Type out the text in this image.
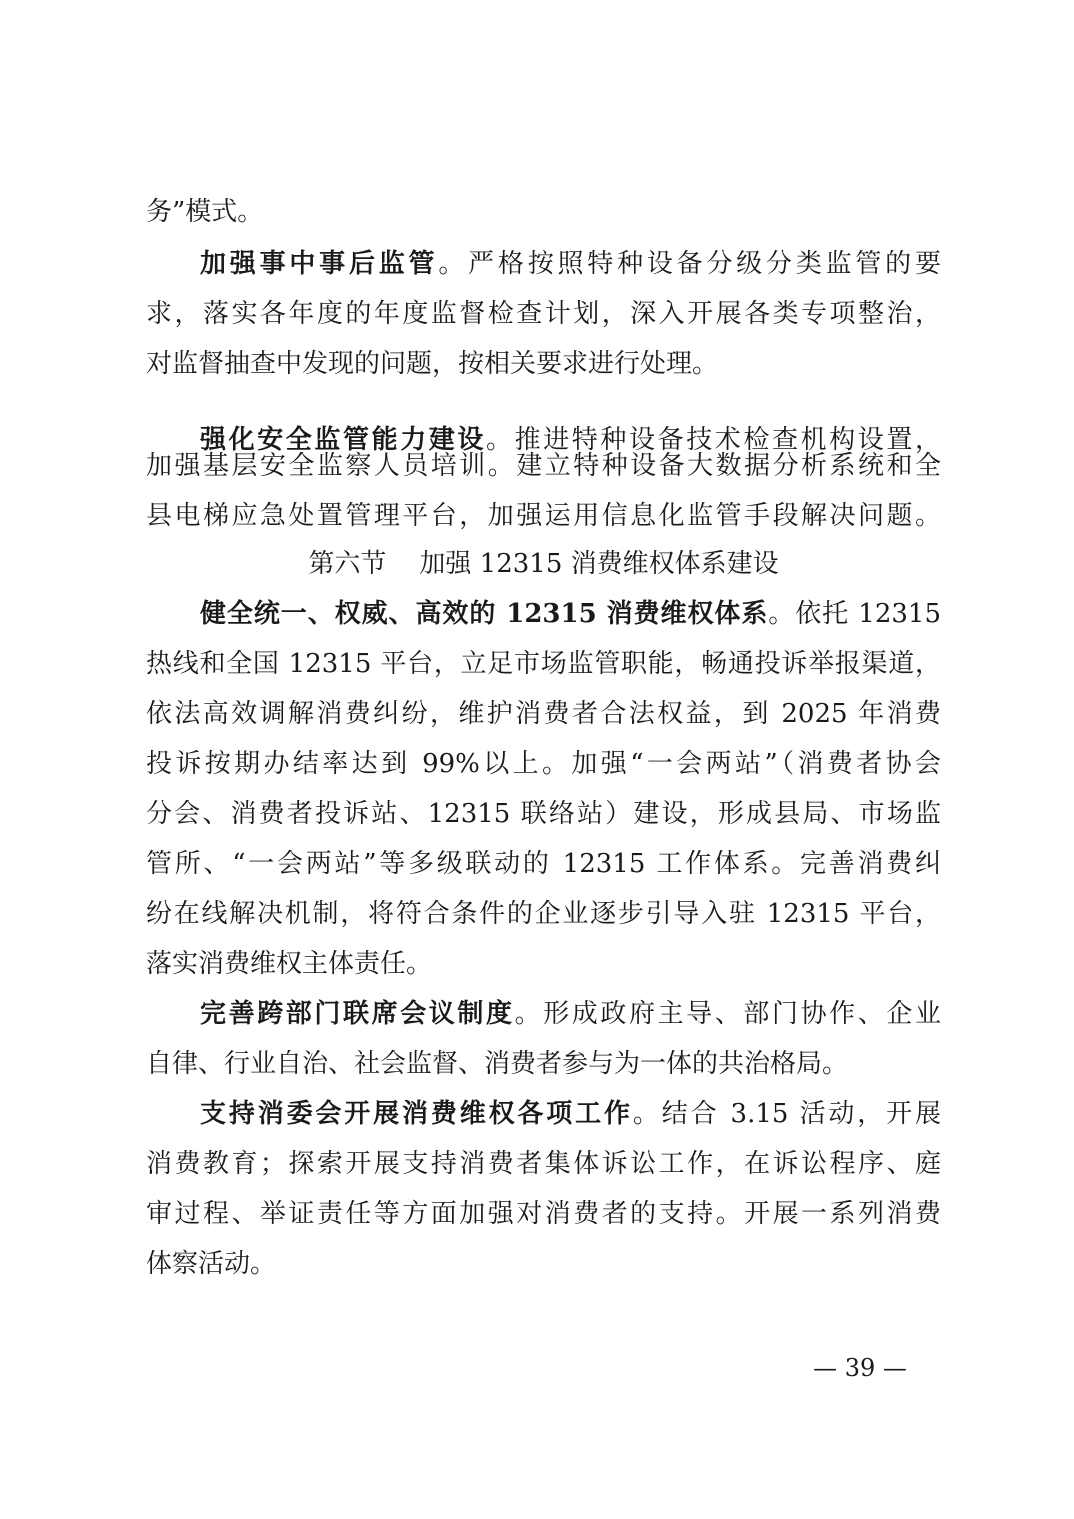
务”模式。
加强事中事后监管。严格按照特种设备分级分类监管的要
求，落实各年度的年度监督检查计划，深入开展各类专项整治，
对监督抽查中发现的问题，按相关要求进行处理。
强化安全监管能力建设。推进特种设备技术检查机构设置，
加强基层安全监察人员培训。建立特种设备大数据分析系统和全
县电梯应急处置管理平台，加强运用信息化监管手段解决问题。
第六节    加强 12315 消费维权体系建设
健全统一、权威、高效的 12315 消费维权体系。依托 12315
热线和全国 12315 平台，立足市场监管职能，畅通投诉举报渠道，
依法高效调解消费纠纷，维护消费者合法权益，到 2025 年消费
投诉按期办结率达到 99%以上。加强“一会两站”（消费者协会
分会、消费者投诉站、12315 联络站）建设，形成县局、市场监
管所、“一会两站”等多级联动的 12315 工作体系。完善消费纠
纷在线解决机制，将符合条件的企业逐步引导入驻 12315 平台，
落实消费维权主体责任。
完善跨部门联席会议制度。形成政府主导、部门协作、企业
自律、行业自治、社会监督、消费者参与为一体的共治格局。
支持消委会开展消费维权各项工作。结合 3.15 活动，开展
消费教育；探索开展支持消费者集体诉讼工作，在诉讼程序、庭
审过程、举证责任等方面加强对消费者的支持。开展一系列消费
体察活动。
— 39 —
